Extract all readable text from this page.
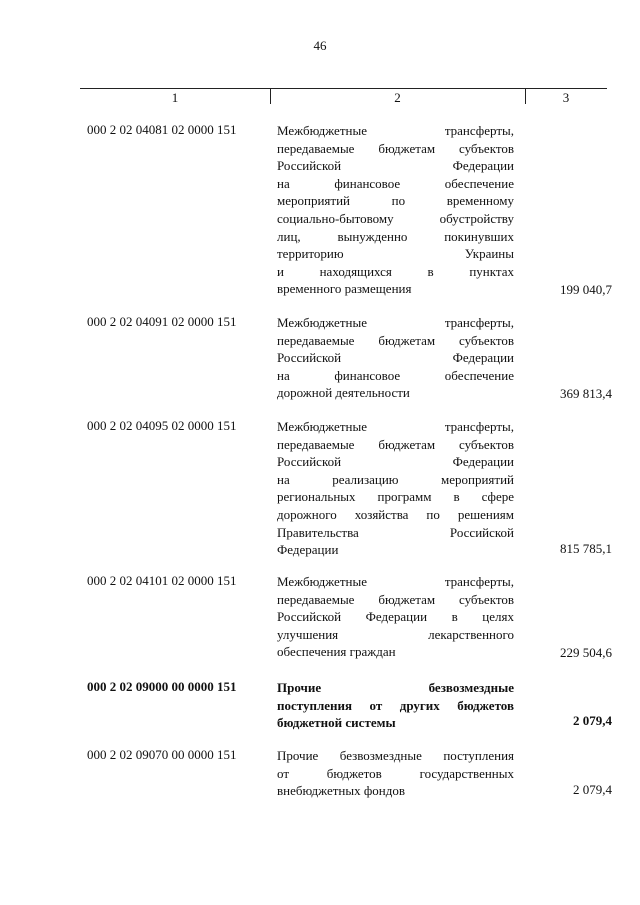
46
1	2	3
000 2 02 04081 02 0000 151	Межбюджетные трансферты,
передаваемые бюджетам субъектов
Российской Федерации
на финансовое обеспечение
мероприятий по временному
социально-бытовому обустройству
лиц, вынужденно покинувших
территорию Украины
и находящихся в пунктах
временного размещения	199 040,7
000 2 02 04091 02 0000 151	Межбюджетные трансферты,
передаваемые бюджетам субъектов
Российской Федерации
на финансовое обеспечение
дорожной деятельности	369 813,4
000 2 02 04095 02 0000 151	Межбюджетные трансферты,
передаваемые бюджетам субъектов
Российской Федерации
на реализацию мероприятий
региональных программ в сфере
дорожного хозяйства по решениям
Правительства Российской
Федерации	815 785,1
000 2 02 04101 02 0000 151	Межбюджетные трансферты,
передаваемые бюджетам субъектов
Российской Федерации в целях
улучшения лекарственного
обеспечения граждан	229 504,6
000 2 02 09000 00 0000 151	Прочие безвозмездные
поступления от других бюджетов
бюджетной системы	2 079,4
000 2 02 09070 00 0000 151	Прочие безвозмездные поступления
от бюджетов государственных
внебюджетных фондов	2 079,4
